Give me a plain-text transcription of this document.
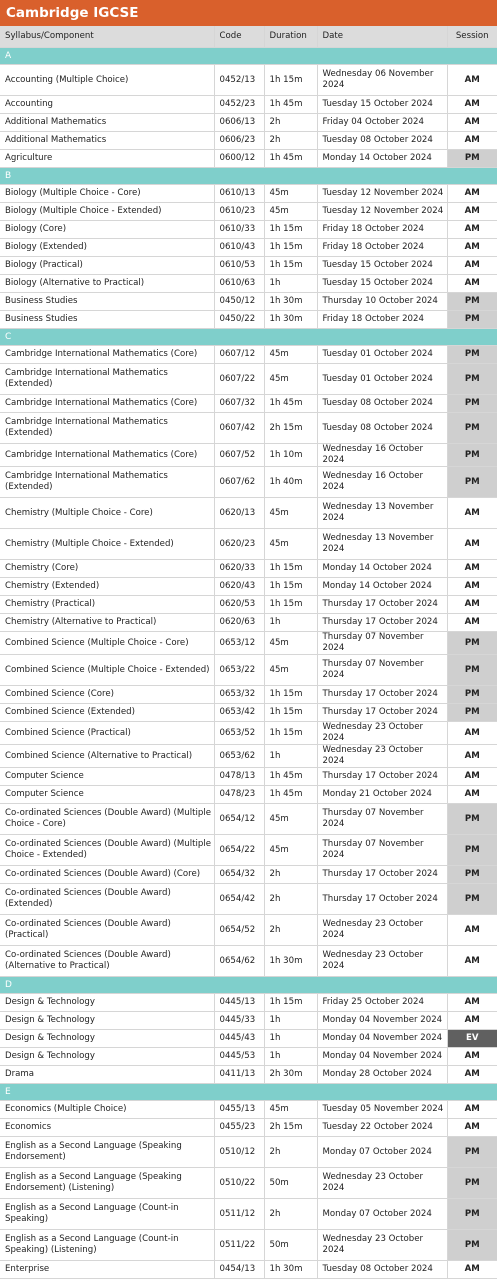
Cambridge IGCSE
Syllabus/Component	Code	Duration	Date	Session
A				
Accounting (Multiple Choice)	0452/13	1h 15m	Wednesday 06 November 2024	AM
Accounting	0452/23	1h 45m	Tuesday 15 October 2024	AM
Additional Mathematics	0606/13	2h	Friday 04 October 2024	AM
Additional Mathematics	0606/23	2h	Tuesday 08 October 2024	AM
Agriculture	0600/12	1h 45m	Monday 14 October 2024	PM
B				
Biology (Multiple Choice - Core)	0610/13	45m	Tuesday 12 November 2024	AM
Biology (Multiple Choice - Extended)	0610/23	45m	Tuesday 12 November 2024	AM
Biology (Core)	0610/33	1h 15m	Friday 18 October 2024	AM
Biology (Extended)	0610/43	1h 15m	Friday 18 October 2024	AM
Biology (Practical)	0610/53	1h 15m	Tuesday 15 October 2024	AM
Biology (Alternative to Practical)	0610/63	1h	Tuesday 15 October 2024	AM
Business Studies	0450/12	1h 30m	Thursday 10 October 2024	PM
Business Studies	0450/22	1h 30m	Friday 18 October 2024	PM
C				
Cambridge International Mathematics (Core)	0607/12	45m	Tuesday 01 October 2024	PM
Cambridge International Mathematics (Extended)	0607/22	45m	Tuesday 01 October 2024	PM
Cambridge International Mathematics (Core)	0607/32	1h 45m	Tuesday 08 October 2024	PM
Cambridge International Mathematics (Extended)	0607/42	2h 15m	Tuesday 08 October 2024	PM
Cambridge International Mathematics (Core)	0607/52	1h 10m	Wednesday 16 October 2024	PM
Cambridge International Mathematics (Extended)	0607/62	1h 40m	Wednesday 16 October 2024	PM
Chemistry (Multiple Choice - Core)	0620/13	45m	Wednesday 13 November 2024	AM
Chemistry (Multiple Choice - Extended)	0620/23	45m	Wednesday 13 November 2024	AM
Chemistry (Core)	0620/33	1h 15m	Monday 14 October 2024	AM
Chemistry (Extended)	0620/43	1h 15m	Monday 14 October 2024	AM
Chemistry (Practical)	0620/53	1h 15m	Thursday 17 October 2024	AM
Chemistry (Alternative to Practical)	0620/63	1h	Thursday 17 October 2024	AM
Combined Science (Multiple Choice - Core)	0653/12	45m	Thursday 07 November 2024	PM
Combined Science (Multiple Choice - Extended)	0653/22	45m	Thursday 07 November 2024	PM
Combined Science (Core)	0653/32	1h 15m	Thursday 17 October 2024	PM
Combined Science (Extended)	0653/42	1h 15m	Thursday 17 October 2024	PM
Combined Science (Practical)	0653/52	1h 15m	Wednesday 23 October 2024	AM
Combined Science (Alternative to Practical)	0653/62	1h	Wednesday 23 October 2024	AM
Computer Science	0478/13	1h 45m	Thursday 17 October 2024	AM
Computer Science	0478/23	1h 45m	Monday 21 October 2024	AM
Co-ordinated Sciences (Double Award) (Multiple Choice - Core)	0654/12	45m	Thursday 07 November 2024	PM
Co-ordinated Sciences (Double Award) (Multiple Choice - Extended)	0654/22	45m	Thursday 07 November 2024	PM
Co-ordinated Sciences (Double Award) (Core)	0654/32	2h	Thursday 17 October 2024	PM
Co-ordinated Sciences (Double Award) (Extended)	0654/42	2h	Thursday 17 October 2024	PM
Co-ordinated Sciences (Double Award) (Practical)	0654/52	2h	Wednesday 23 October 2024	AM
Co-ordinated Sciences (Double Award) (Alternative to Practical)	0654/62	1h 30m	Wednesday 23 October 2024	AM
D				
Design & Technology	0445/13	1h 15m	Friday 25 October 2024	AM
Design & Technology	0445/33	1h	Monday 04 November 2024	AM
Design & Technology	0445/43	1h	Monday 04 November 2024	EV
Design & Technology	0445/53	1h	Monday 04 November 2024	AM
Drama	0411/13	2h 30m	Monday 28 October 2024	AM
E				
Economics (Multiple Choice)	0455/13	45m	Tuesday 05 November 2024	AM
Economics	0455/23	2h 15m	Tuesday 22 October 2024	AM
English as a Second Language (Speaking Endorsement)	0510/12	2h	Monday 07 October 2024	PM
English as a Second Language (Speaking Endorsement) (Listening)	0510/22	50m	Wednesday 23 October 2024	PM
English as a Second Language (Count-in Speaking)	0511/12	2h	Monday 07 October 2024	PM
English as a Second Language (Count-in Speaking) (Listening)	0511/22	50m	Wednesday 23 October 2024	PM
Enterprise	0454/13	1h 30m	Tuesday 08 October 2024	AM
